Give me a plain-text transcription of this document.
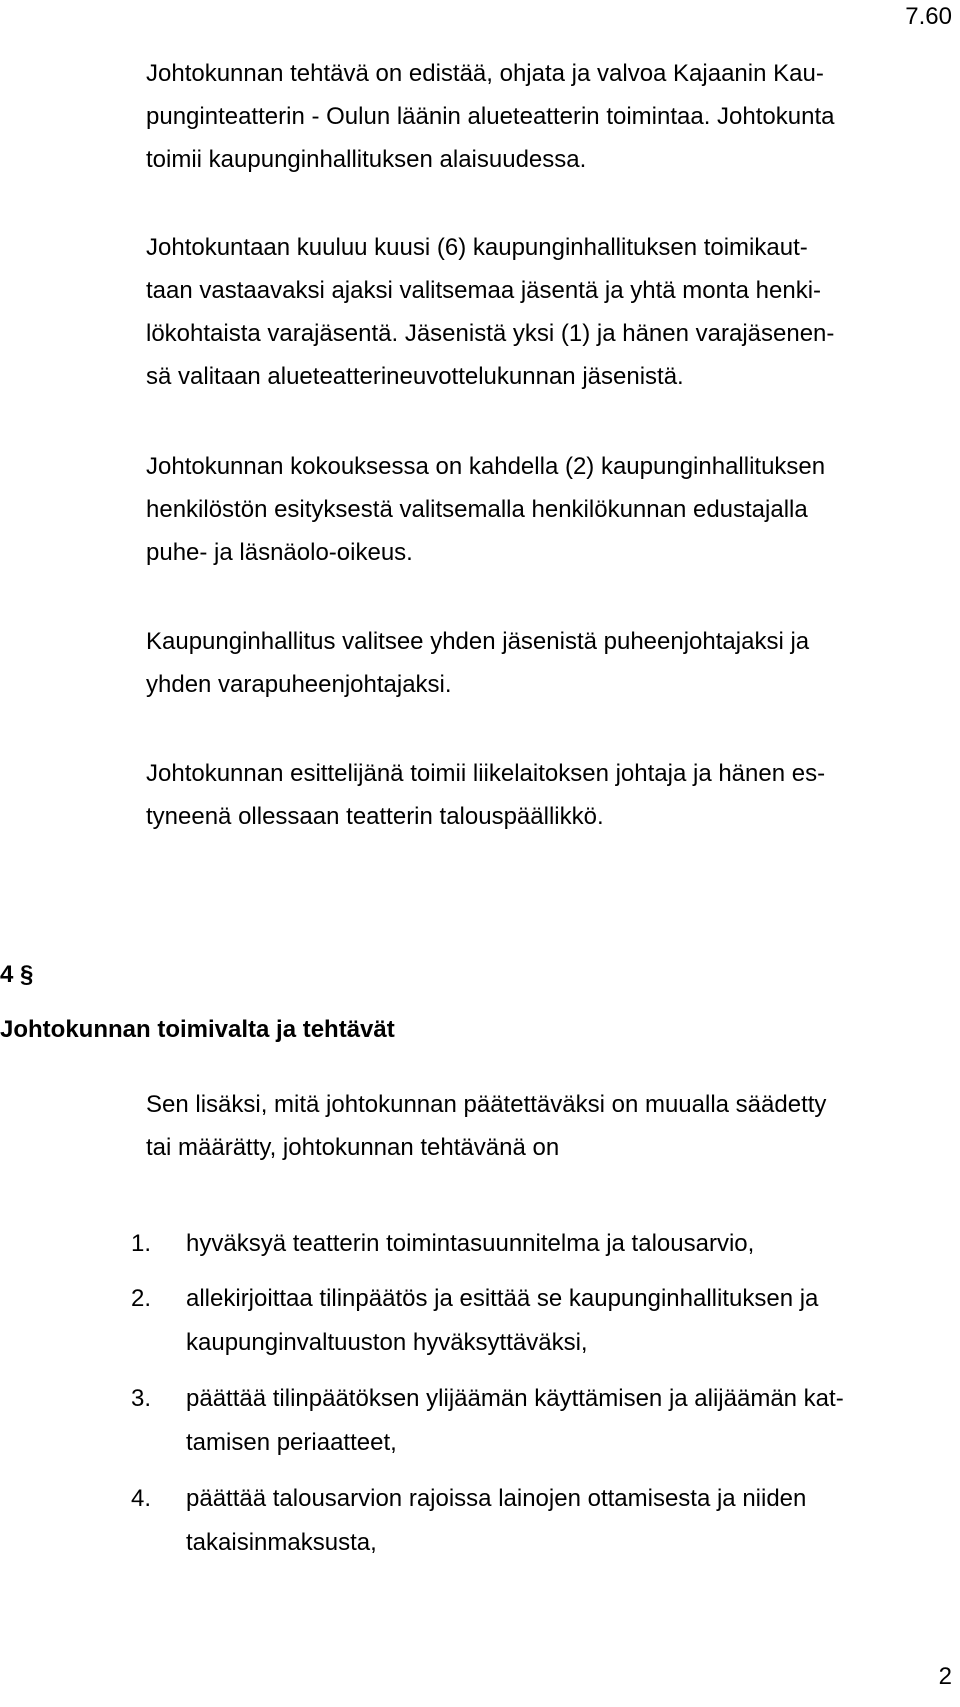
7.60
Johtokunnan tehtävä on edistää, ohjata ja valvoa Kajaanin Kau-
punginteatterin - Oulun läänin alueteatterin toimintaa. Johtokunta
toimii kaupunginhallituksen alaisuudessa.
Johtokuntaan kuuluu kuusi (6) kaupunginhallituksen toimikaut-
taan vastaavaksi ajaksi valitsemaa jäsentä ja yhtä monta henki-
lökohtaista varajäsentä. Jäsenistä yksi (1) ja hänen varajäsenen-
sä valitaan alueteatterineuvottelukunnan jäsenistä.
Johtokunnan kokouksessa on kahdella (2) kaupunginhallituksen
henkilöstön esityksestä valitsemalla henkilökunnan edustajalla
puhe- ja läsnäolo-oikeus.
Kaupunginhallitus valitsee yhden jäsenistä puheenjohtajaksi ja
yhden varapuheenjohtajaksi.
Johtokunnan esittelijänä toimii liikelaitoksen johtaja ja hänen es-
tyneenä ollessaan teatterin talouspäällikkö.
4 §
Johtokunnan toimivalta ja tehtävät
Sen lisäksi, mitä johtokunnan päätettäväksi on muualla säädetty
tai määrätty, johtokunnan tehtävänä on
1. hyväksyä teatterin toimintasuunnitelma ja talousarvio,
2. allekirjoittaa tilinpäätös ja esittää se kaupunginhallituksen ja
kaupunginvaltuuston hyväksyttäväksi,
3. päättää tilinpäätöksen ylijäämän käyttämisen ja alijäämän kat-
tamisen periaatteet,
4. päättää talousarvion rajoissa lainojen ottamisesta ja niiden
takaisinmaksusta,
2
